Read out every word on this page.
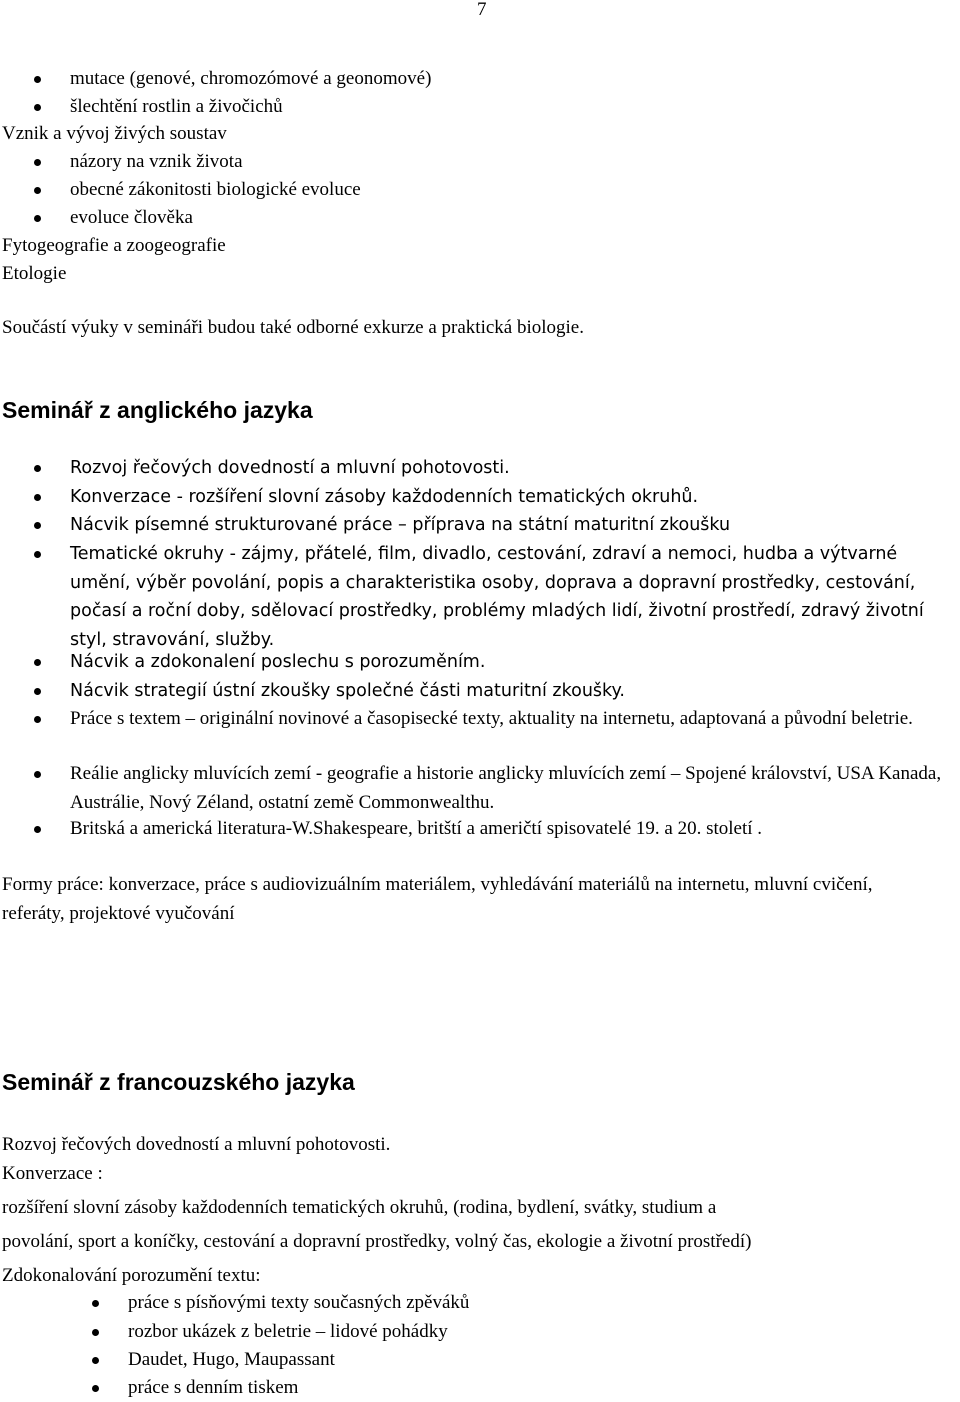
7
mutace (genové, chromozómové a geonomové)
šlechtění rostlin a živočichů
Vznik a vývoj živých soustav
názory na vznik života
obecné zákonitosti biologické evoluce
evoluce člověka
Fytogeografie a zoogeografie
Etologie
Součástí výuky v semináři budou také odborné exkurze a praktická biologie.
Seminář z anglického jazyka
Rozvoj řečových dovedností a mluvní pohotovosti.
Konverzace - rozšíření slovní zásoby každodenních tematických okruhů.
Nácvik písemné strukturované práce – příprava na státní maturitní zkoušku
Tematické okruhy - zájmy, přátelé, film, divadlo, cestování, zdraví a nemoci, hudba a výtvarné umění, výběr povolání, popis a charakteristika osoby, doprava a dopravní prostředky, cestování, počasí a roční doby, sdělovací prostředky, problémy mladých lidí, životní prostředí, zdravý životní styl, stravování, služby.
Nácvik a zdokonalení poslechu s porozuměním.
Nácvik strategií ústní zkoušky společné části maturitní zkoušky.
Práce s textem – originální novinové a časopisecké texty, aktuality na internetu, adaptovaná a původní beletrie.
Reálie anglicky mluvících zemí - geografie a historie anglicky mluvících zemí – Spojené království, USA Kanada, Austrálie, Nový Zéland, ostatní země Commonwealthu.
Britská a americká literatura-W.Shakespeare, britští a američtí spisovatelé 19. a 20. století .
Formy práce: konverzace, práce s audiovizuálním materiálem, vyhledávání materiálů na internetu, mluvní cvičení, referáty, projektové vyučování
Seminář z francouzského jazyka
Rozvoj řečových dovedností a mluvní pohotovosti.
Konverzace :
rozšíření slovní zásoby každodenních tematických okruhů, (rodina, bydlení, svátky, studium a
povolání, sport a koníčky, cestování a dopravní prostředky, volný čas, ekologie a životní prostředí)
Zdokonalování porozumění textu:
práce s písňovými texty současných zpěváků
rozbor ukázek z beletrie – lidové pohádky
Daudet, Hugo, Maupassant
práce s denním tiskem
